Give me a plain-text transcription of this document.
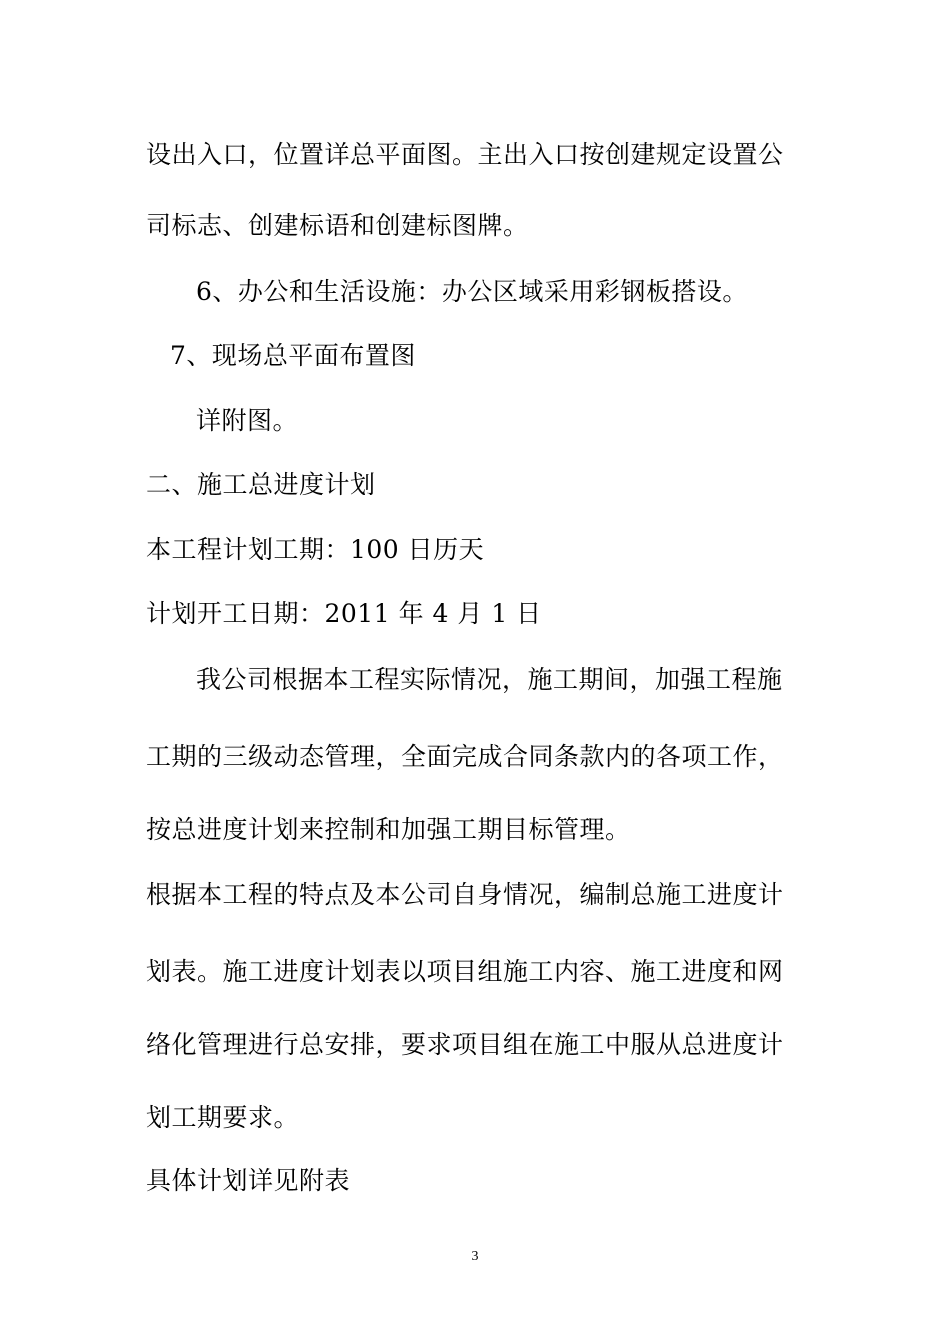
设出入口，位置详总平面图。主出入口按创建规定设置公
司标志、创建标语和创建标图牌。
6、办公和生活设施：办公区域采用彩钢板搭设。
7、现场总平面布置图
详附图。
二、施工总进度计划
本工程计划工期：100 日历天
计划开工日期：2011 年 4 月 1 日
我公司根据本工程实际情况，施工期间，加强工程施
工期的三级动态管理，全面完成合同条款内的各项工作，
按总进度计划来控制和加强工期目标管理。
根据本工程的特点及本公司自身情况，编制总施工进度计
划表。施工进度计划表以项目组施工内容、施工进度和网
络化管理进行总安排，要求项目组在施工中服从总进度计
划工期要求。
具体计划详见附表
3
